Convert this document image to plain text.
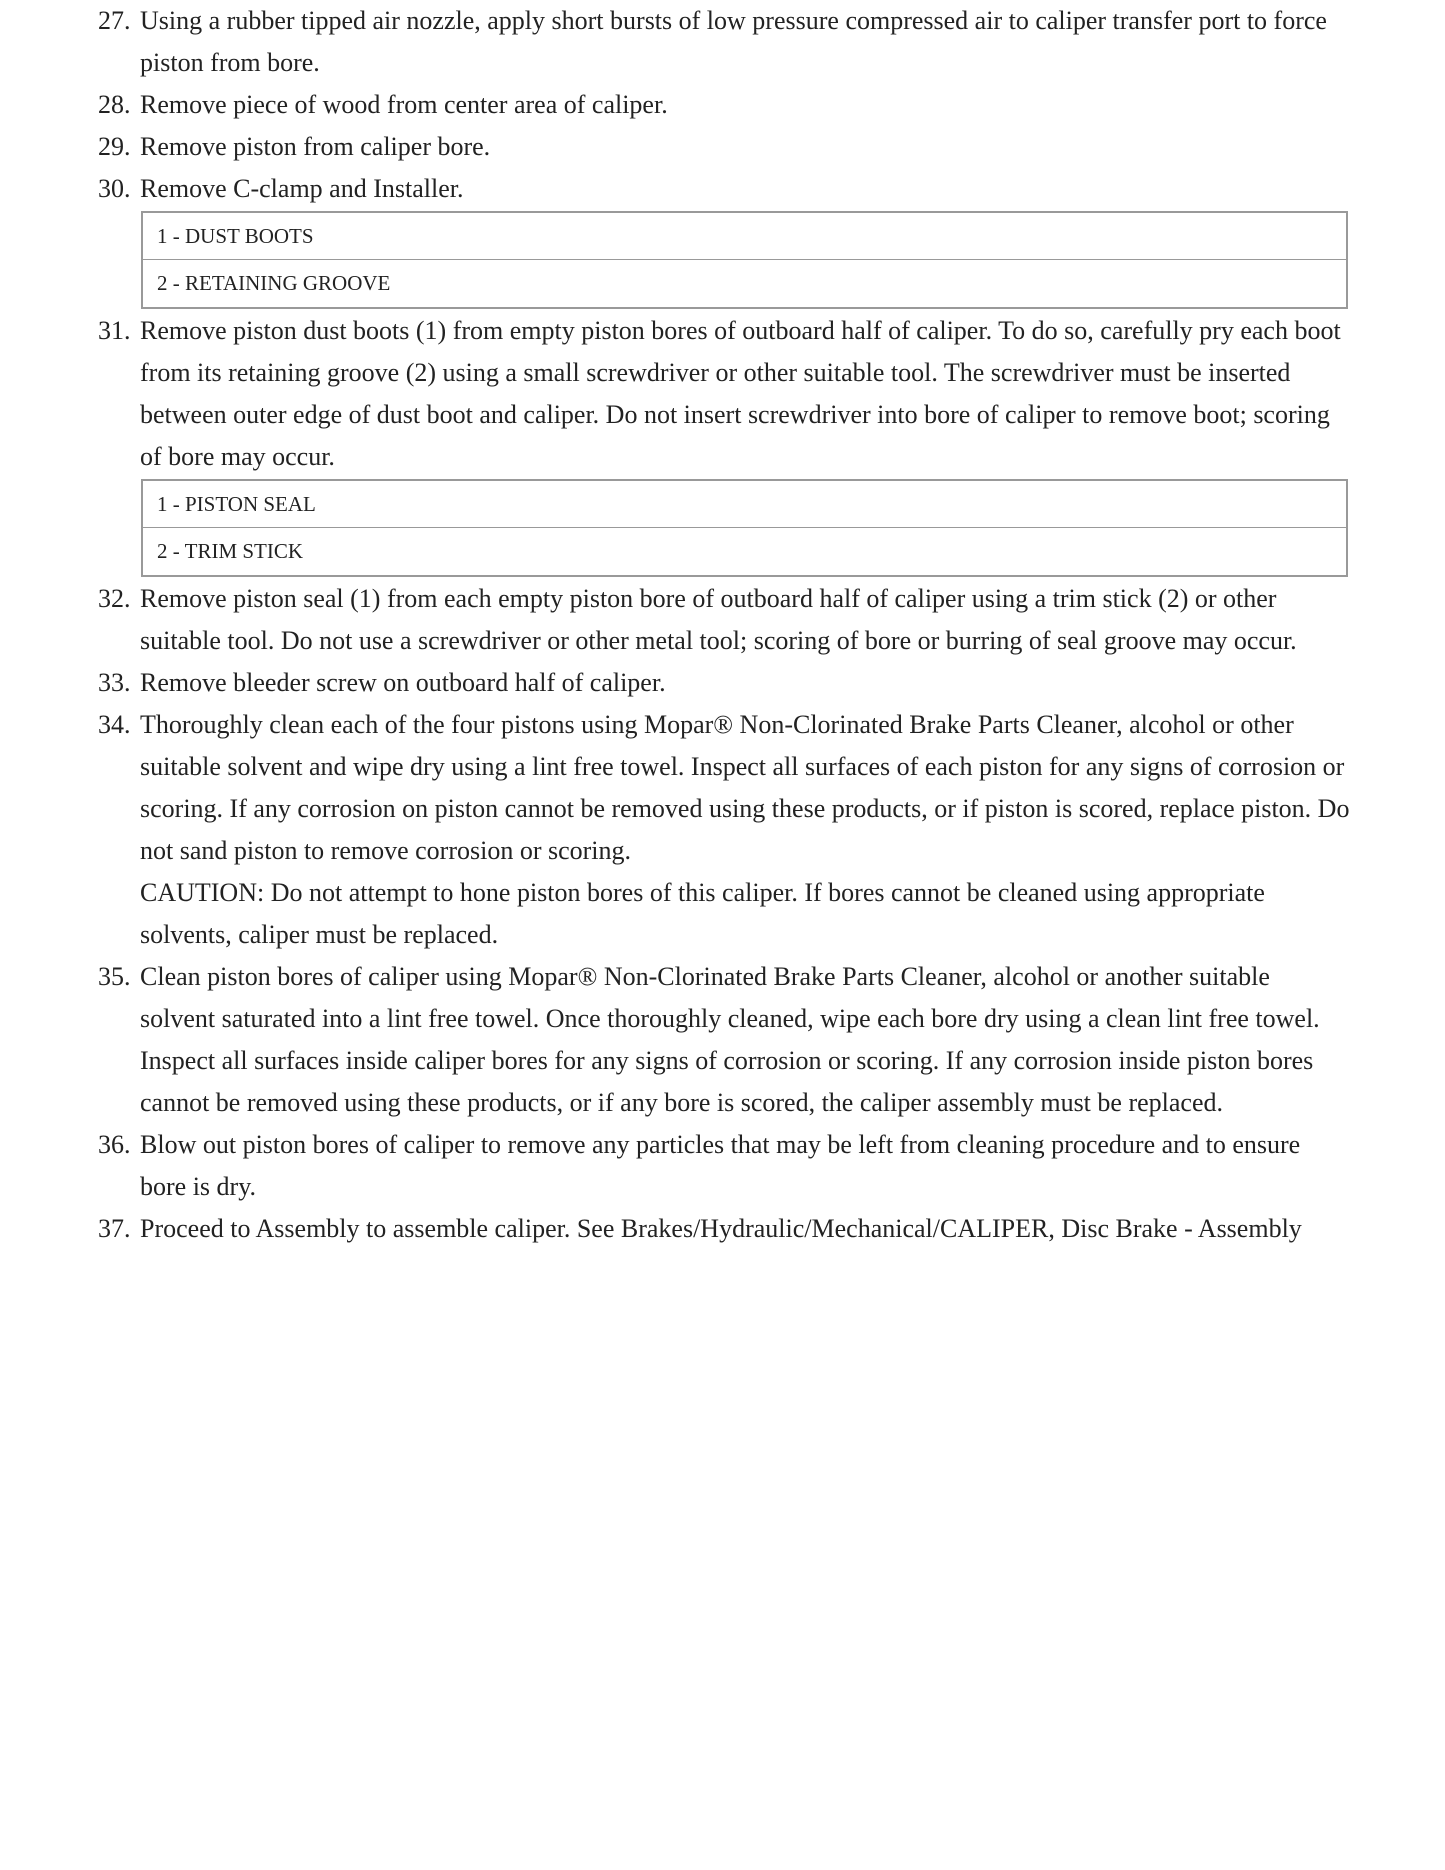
27. Using a rubber tipped air nozzle, apply short bursts of low pressure compressed air to caliper transfer port to force piston from bore.
28. Remove piece of wood from center area of caliper.
29. Remove piston from caliper bore.
30. Remove C-clamp and Installer.
1 - DUST BOOTS
2 - RETAINING GROOVE
31. Remove piston dust boots (1) from empty piston bores of outboard half of caliper. To do so, carefully pry each boot from its retaining groove (2) using a small screwdriver or other suitable tool. The screwdriver must be inserted between outer edge of dust boot and caliper. Do not insert screwdriver into bore of caliper to remove boot; scoring of bore may occur.
1 - PISTON SEAL
2 - TRIM STICK
32. Remove piston seal (1) from each empty piston bore of outboard half of caliper using a trim stick (2) or other suitable tool. Do not use a screwdriver or other metal tool; scoring of bore or burring of seal groove may occur.
33. Remove bleeder screw on outboard half of caliper.
34. Thoroughly clean each of the four pistons using Mopar® Non-Clorinated Brake Parts Cleaner, alcohol or other suitable solvent and wipe dry using a lint free towel. Inspect all surfaces of each piston for any signs of corrosion or scoring. If any corrosion on piston cannot be removed using these products, or if piston is scored, replace piston. Do not sand piston to remove corrosion or scoring.
CAUTION: Do not attempt to hone piston bores of this caliper. If bores cannot be cleaned using appropriate solvents, caliper must be replaced.
35. Clean piston bores of caliper using Mopar® Non-Clorinated Brake Parts Cleaner, alcohol or another suitable solvent saturated into a lint free towel. Once thoroughly cleaned, wipe each bore dry using a clean lint free towel. Inspect all surfaces inside caliper bores for any signs of corrosion or scoring. If any corrosion inside piston bores cannot be removed using these products, or if any bore is scored, the caliper assembly must be replaced.
36. Blow out piston bores of caliper to remove any particles that may be left from cleaning procedure and to ensure bore is dry.
37. Proceed to Assembly to assemble caliper. See Brakes/Hydraulic/Mechanical/CALIPER, Disc Brake - Assembly
